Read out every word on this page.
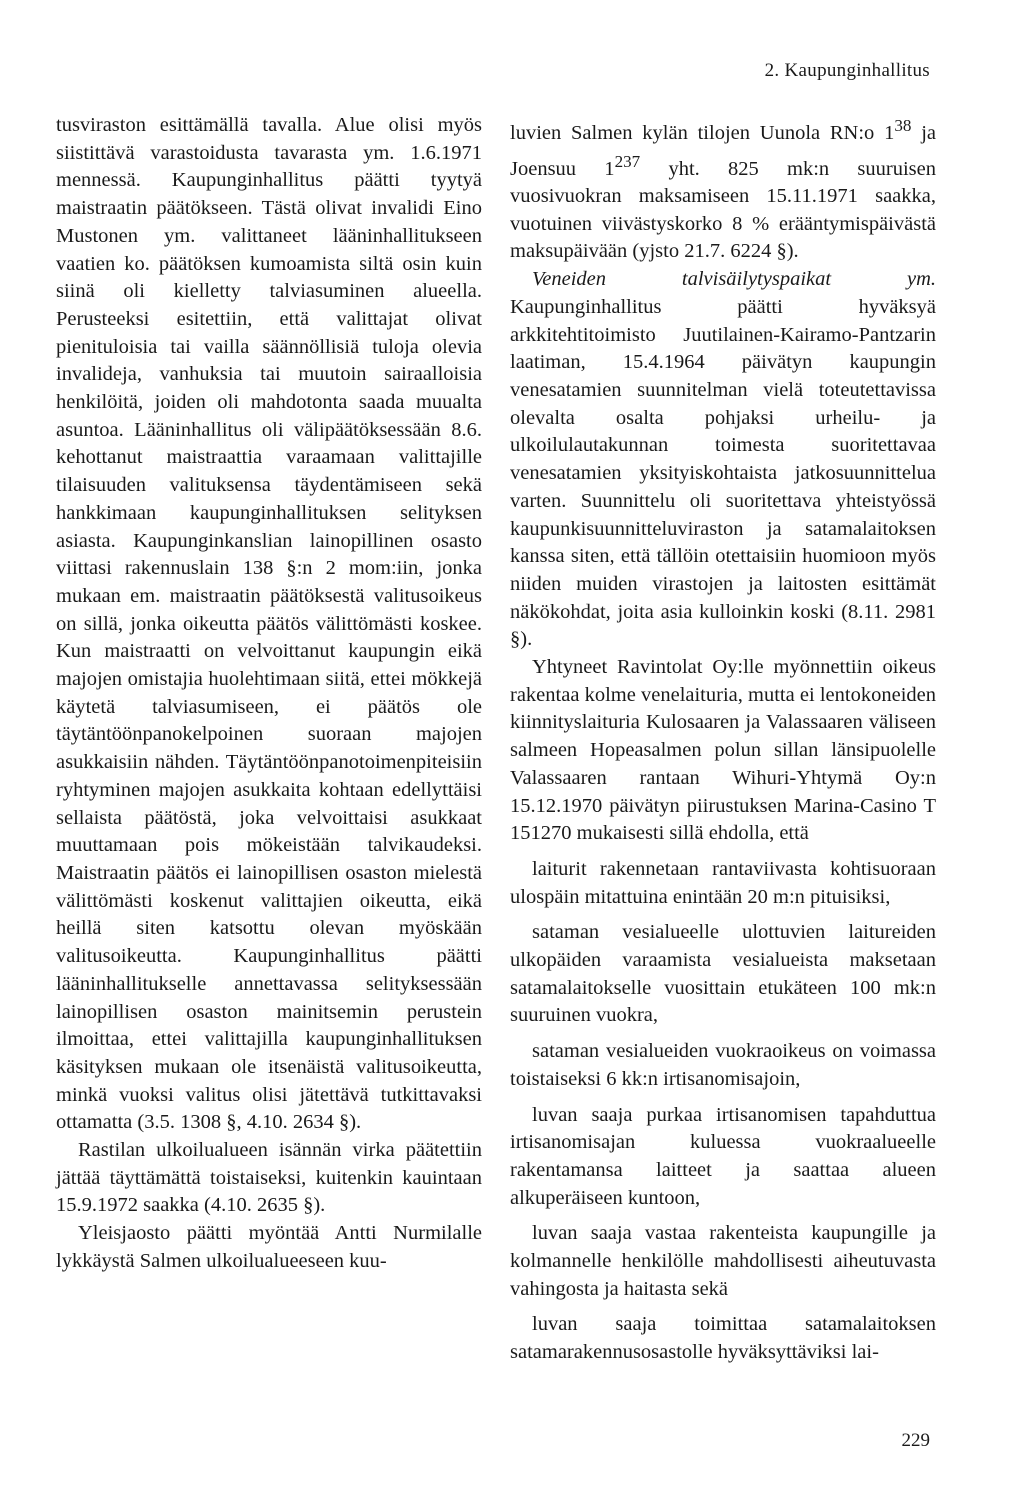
2. Kaupunginhallitus

tusviraston esittämällä tavalla. Alue olisi myös siistittävä varastoidusta tavarasta ym. 1.6.1971 mennessä. Kaupunginhallitus päätti tyytyä maistraatin päätökseen. Tästä olivat invalidi Eino Mustonen ym. valittaneet lääninhallitukseen vaatien ko. päätöksen kumoamista siltä osin kuin siinä oli kielletty talviasuminen alueella. Perusteeksi esitettiin, että valittajat olivat pienituloisia tai vailla säännöllisiä tuloja olevia invalideja, vanhuksia tai muutoin sairaalloisia henkilöitä, joiden oli mahdotonta saada muualta asuntoa. Lääninhallitus oli välipäätöksessään 8.6. kehottanut maistraattia varaamaan valittajille tilaisuuden valituksensa täydentämiseen sekä hankkimaan kaupunginhallituksen selityksen asiasta. Kaupunginkanslian lainopillinen osasto viittasi rakennuslain 138 §:n 2 mom:iin, jonka mukaan em. maistraatin päätöksestä valitusoikeus on sillä, jonka oikeutta päätös välittömästi koskee. Kun maistraatti on velvoittanut kaupungin eikä majojen omistajia huolehtimaan siitä, ettei mökkejä käytetä talviasumiseen, ei päätös ole täytäntöönpanokelpoinen suoraan majojen asukkaisiin nähden. Täytäntöönpanotoimenpiteisiin ryhtyminen majojen asukkaita kohtaan edellyttäisi sellaista päätöstä, joka velvoittaisi asukkaat muuttamaan pois mökeistään talvikaudeksi. Maistraatin päätös ei lainopillisen osaston mielestä välittömästi koskenut valittajien oikeutta, eikä heillä siten katsottu olevan myöskään valitusoikeutta. Kaupunginhallitus päätti lääninhallitukselle annettavassa selityksessään lainopillisen osaston mainitsemin perustein ilmoittaa, ettei valittajilla kaupunginhallituksen käsityksen mukaan ole itsenäistä valitusoikeutta, minkä vuoksi valitus olisi jätettävä tutkittavaksi ottamatta (3.5. 1308 §, 4.10. 2634 §).

Rastilan ulkoilualueen isännän virka päätettiin jättää täyttämättä toistaiseksi, kuitenkin kauintaan 15.9.1972 saakka (4.10. 2635 §).

Yleisjaosto päätti myöntää Antti Nurmilalle lykkäystä Salmen ulkoilualueeseen kuu-

luvien Salmen kylän tilojen Uunola RN:o $1^{38}$ ja Joensuu $1^{237}$ yht. 825 mk:n suuruisen vuosivuokran maksamiseen 15.11.1971 saakka, vuotuinen viivästyskorko 8 % erääntymispäivästä maksupäivään (yjsto 21.7. 6224 §).

Veneiden talvisäilytyspaikat ym. Kaupunginhallitus päätti hyväksyä arkkitehtitoimisto Juutilainen-Kairamo-Pantzarin laatiman, 15.4.1964 päivätyn kaupungin venesatamien suunnitelman vielä toteutettavissa olevalta osalta pohjaksi urheilu- ja ulkoilulautakunnan toimesta suoritettavaa venesatamien yksityiskohtaista jatkosuunnittelua varten. Suunnittelu oli suoritettava yhteistyössä kaupunkisuunnitteluviraston ja satamalaitoksen kanssa siten, että tällöin otettaisiin huomioon myös niiden muiden virastojen ja laitosten esittämät näkökohdat, joita asia kulloinkin koski (8.11. 2981 §).

Yhtyneet Ravintolat Oy:lle myönnettiin oikeus rakentaa kolme venelaituria, mutta ei lentokoneiden kiinnityslaituria Kulosaaren ja Valassaaren väliseen salmeen Hopeasalmen polun sillan länsipuolelle Valassaaren rantaan Wihuri-Yhtymä Oy:n 15.12.1970 päivätyn piirustuksen Marina-Casino T 151270 mukaisesti sillä ehdolla, että

laiturit rakennetaan rantaviivasta kohtisuoraan ulospäin mitattuina enintään 20 m:n pituisiksi,

sataman vesialueelle ulottuvien laitureiden ulkopäiden varaamista vesialueista maksetaan satamalaitokselle vuosittain etukäteen 100 mk:n suuruinen vuokra,

sataman vesialueiden vuokraoikeus on voimassa toistaiseksi 6 kk:n irtisanomisajoin,

luvan saaja purkaa irtisanomisen tapahduttua irtisanomisajan kuluessa vuokraalueelle rakentamansa laitteet ja saattaa alueen alkuperäiseen kuntoon,

luvan saaja vastaa rakenteista kaupungille ja kolmannelle henkilölle mahdollisesti aiheutuvasta vahingosta ja haitasta sekä

luvan saaja toimittaa satamalaitoksen satamarakennusosastolle hyväksyttäviksi lai-

229
